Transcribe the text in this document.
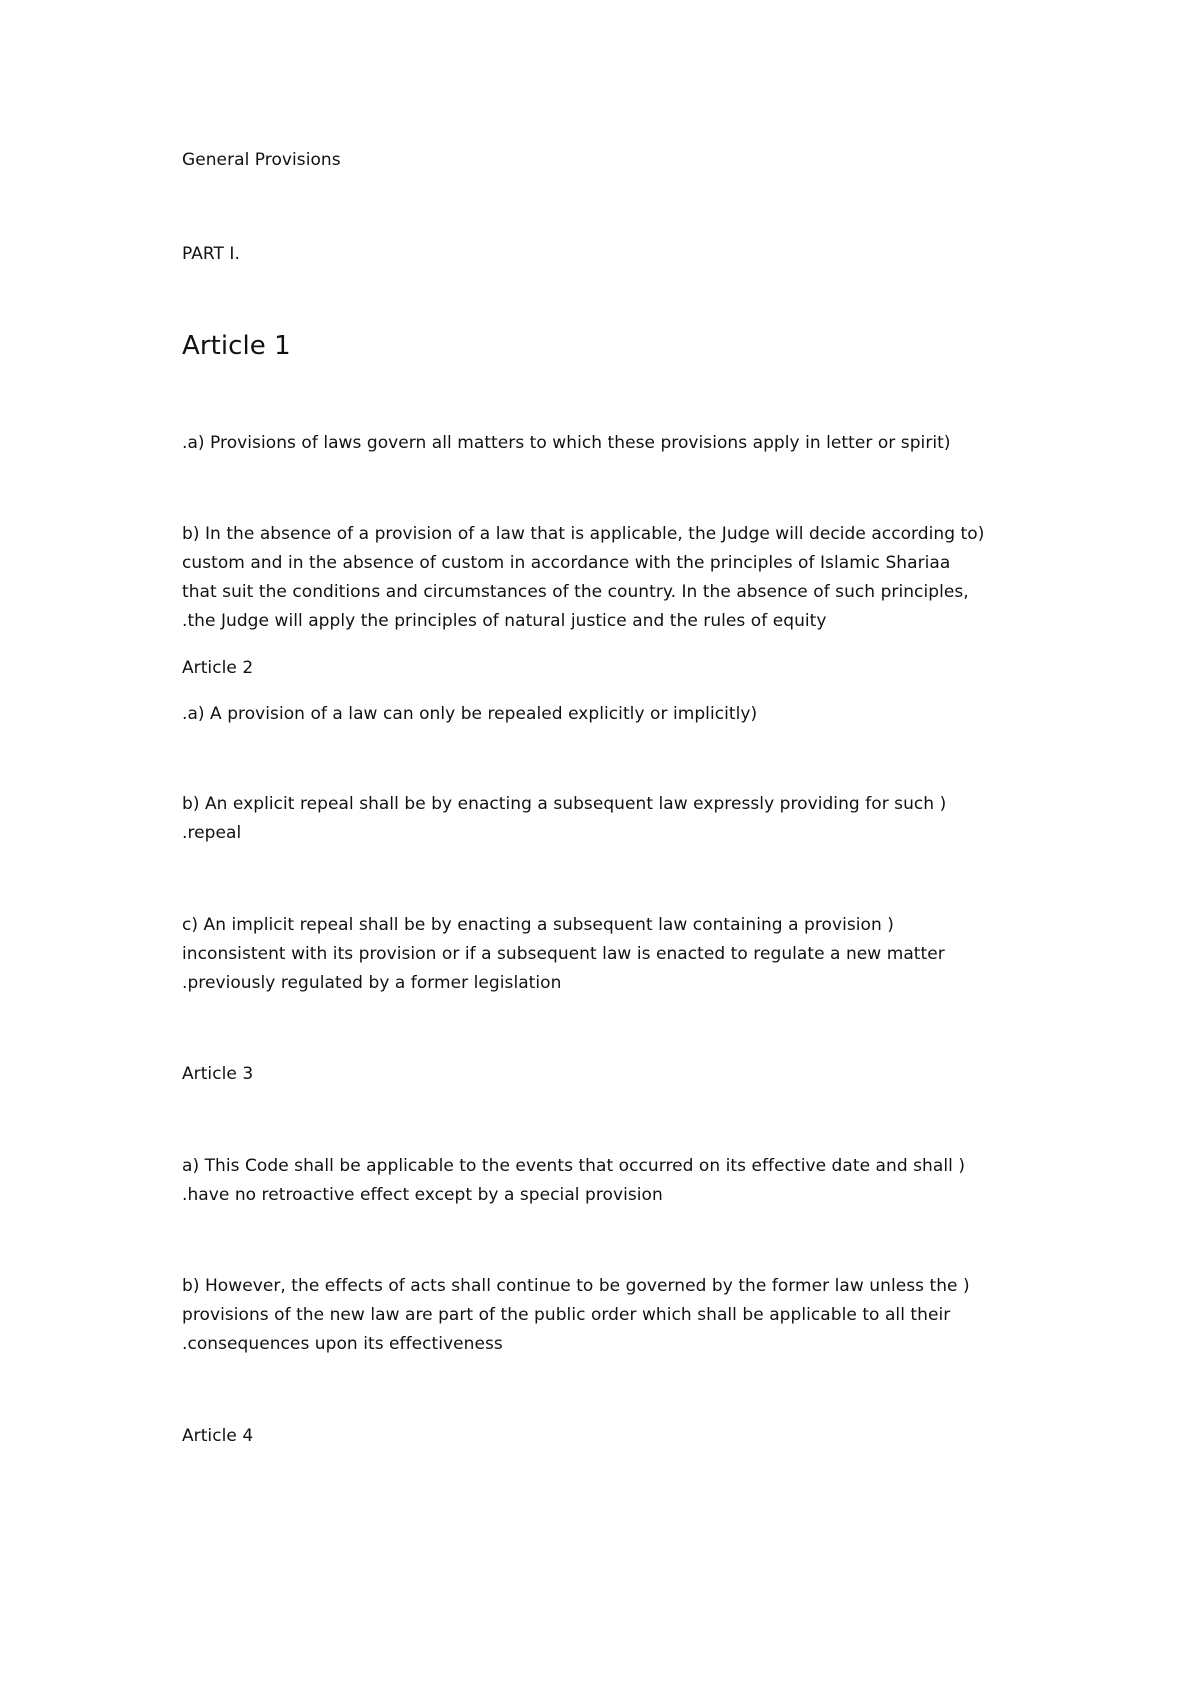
General Provisions

PART I.

Article 1

.a) Provisions of laws govern all matters to which these provisions apply in letter or spirit)

b) In the absence of a provision of a law that is applicable, the Judge will decide according to)

custom and in the absence of custom in accordance with the principles of Islamic Shariaa

that suit the conditions and circumstances of the country. In the absence of such principles,

.the Judge will apply the principles of natural justice and the rules of equity

Article 2

.a) A provision of a law can only be repealed explicitly or implicitly)

b) An explicit repeal shall be by enacting a subsequent law expressly providing for such )

.repeal

c) An implicit repeal shall be by enacting a subsequent law containing a provision )

inconsistent with its provision or if a subsequent law is enacted to regulate a new matter

.previously regulated by a former legislation

Article 3

a) This Code shall be applicable to the events that occurred on its effective date and shall )

.have no retroactive effect except by a special provision

b) However, the effects of acts shall continue to be governed by the former law unless the )

provisions of the new law are part of the public order which shall be applicable to all their

.consequences upon its effectiveness

Article 4
